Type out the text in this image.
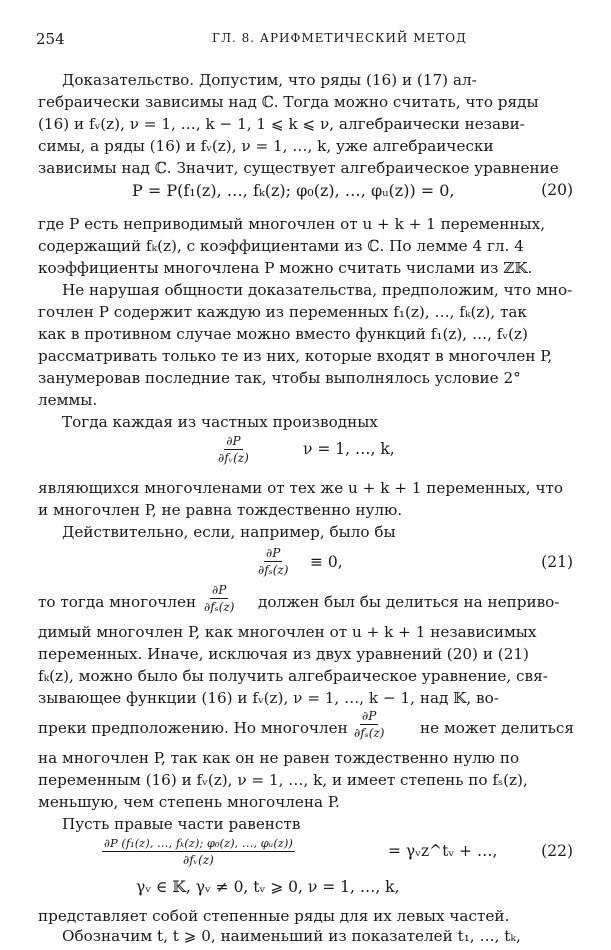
254	ГЛ. 8. АРИФМЕТИЧЕСКИЙ МЕТОД
Доказательство. Допустим, что ряды (16) и (17) ал-
гебраически зависимы над ℂ. Тогда можно считать, что ряды
(16) и fᵥ(z), ν = 1, …, k − 1, 1 ⩽ k ⩽ ν, алгебраически незави-
симы, а ряды (16) и fᵥ(z), ν = 1, …, k, уже алгебраически
зависимы над ℂ. Значит, существует алгебраическое уравнение
P = P(f₁(z), …, fₖ(z); φ₀(z), …, φᵤ(z)) = 0,	(20)
где P есть неприводимый многочлен от u + k + 1 переменных,
содержащий fₖ(z), с коэффициентами из ℂ. По лемме 4 гл. 4
коэффициенты многочлена P можно считать числами из ℤ𝕂.
Не нарушая общности доказательства, предположим, что мно-
гочлен P содержит каждую из переменных f₁(z), …, fₖ(z), так
как в противном случае можно вместо функций f₁(z), …, fᵥ(z)
рассматривать только те из них, которые входят в многочлен P,
занумеровав последние так, чтобы выполнялось условие 2°
леммы.
Тогда каждая из частных производных
$\frac{\partial P}{\text{∂fᵥ(z)}}$	ν = 1, …, k,
являющихся многочленами от тех же u + k + 1 переменных, что
и многочлен P, не равна тождественно нулю.
Действительно, если, например, было бы
$\frac{\partial P}{\text{∂fₛ(z)}} \equiv 0$,	(21)
то тогда многочлен $\frac{\partial P}{\text{∂fₛ(z)}}$ должен был бы делиться на неприво-
димый многочлен P, как многочлен от u + k + 1 независимых
переменных. Иначе, исключая из двух уравнений (20) и (21)
fₖ(z), можно было бы получить алгебраическое уравнение, свя-
зывающее функции (16) и fᵥ(z), ν = 1, …, k − 1, над 𝕂, во-
преки предположению. Но многочлен $\frac{\partial P}{\text{∂fₛ(z)}}$ не может делиться
на многочлен P, так как он не равен тождественно нулю по
переменным (16) и fᵥ(z), ν = 1, …, k, и имеет степень по fₛ(z),
меньшую, чем степень многочлена P.
Пусть правые части равенств
$\frac{\text{∂P (f₁(z), …, fₖ(z); φ₀(z), …, φᵤ(z))}}{\text{∂fᵥ(z)}}$	= γᵥz^tᵥ + …,	(22)
γᵥ ∈ 𝕂, γᵥ ≠ 0, tᵥ ⩾ 0, ν = 1, …, k,
представляет собой степенные ряды для их левых частей.
Обозначим t, t ⩾ 0, наименьший из показателей t₁, …, tₖ,
